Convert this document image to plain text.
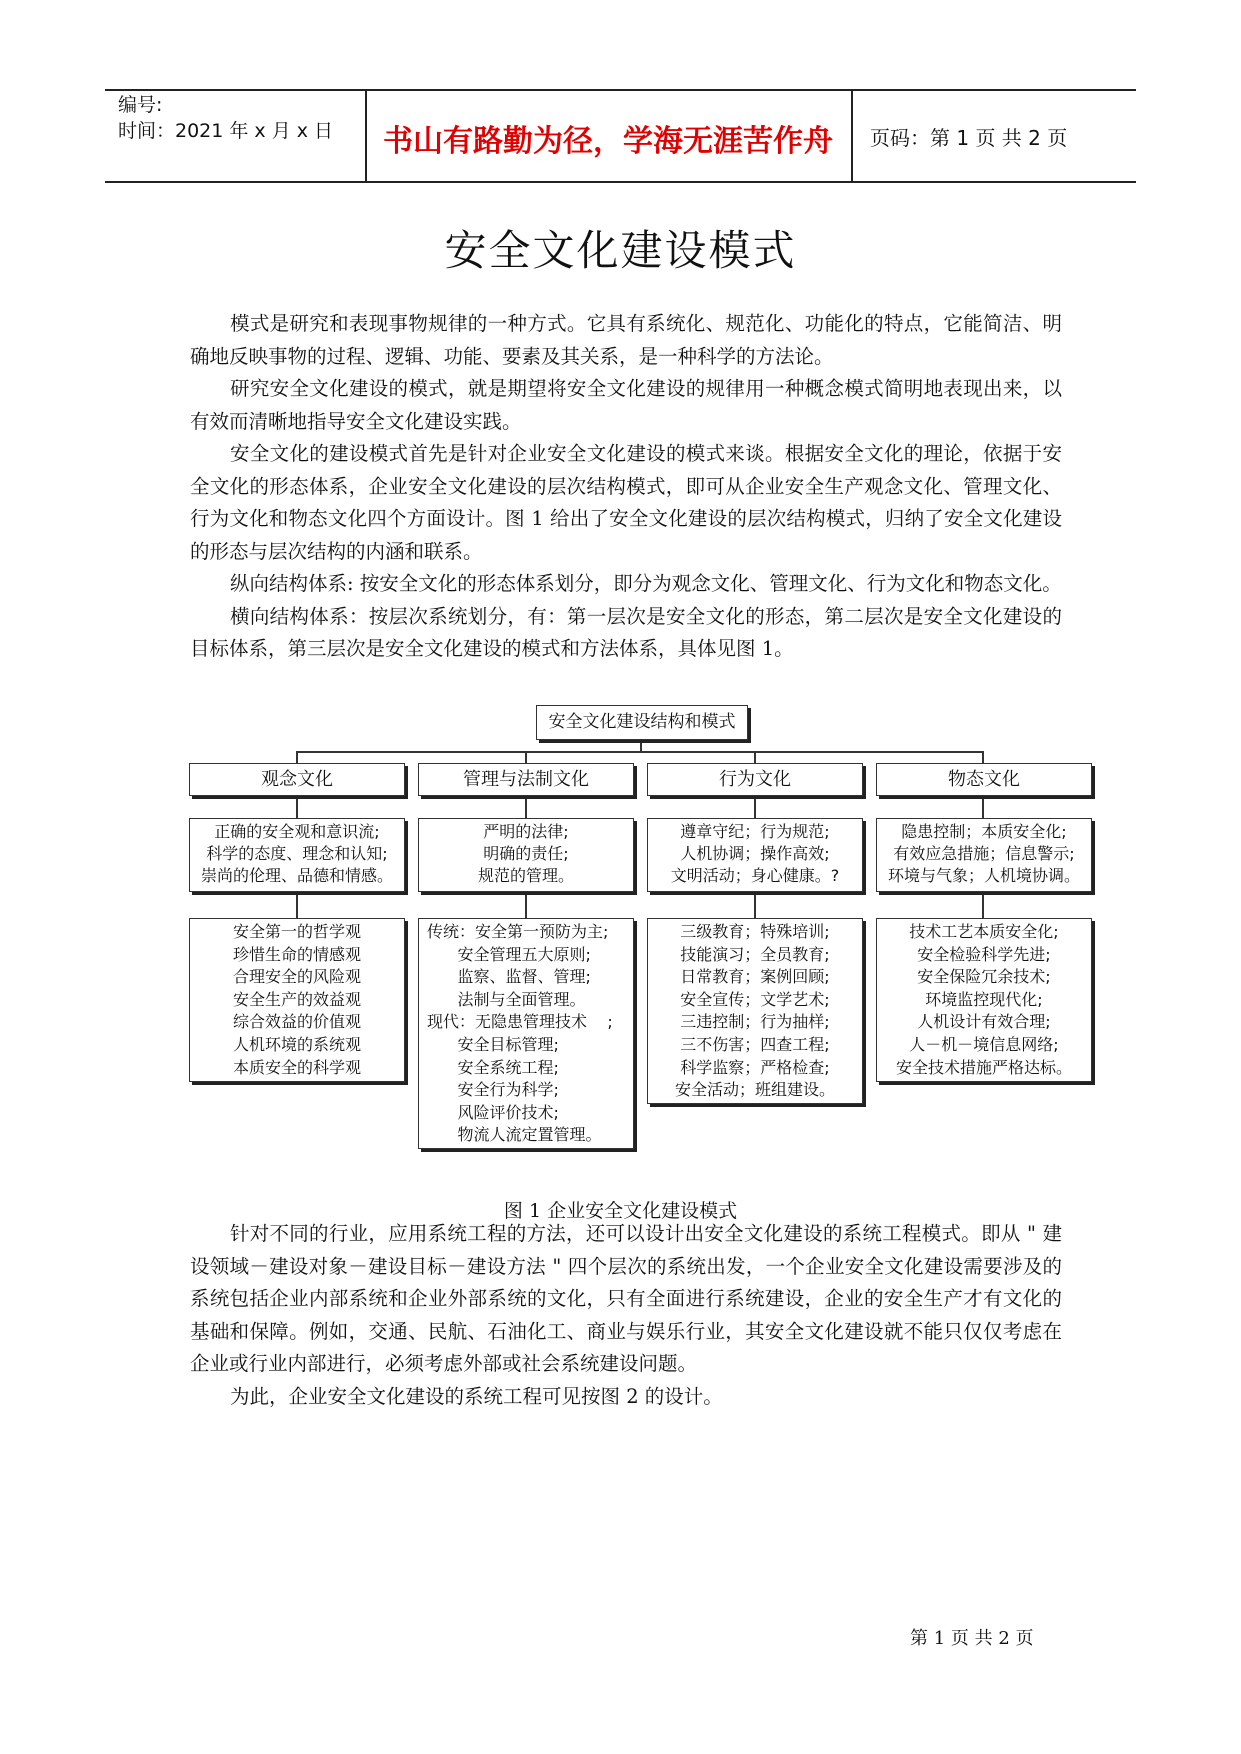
编号:
时间：2021 年 x 月 x 日	书山有路勤为径，学海无涯苦作舟	页码：第 1 页 共 2 页
安全文化建设模式

模式是研究和表现事物规律的一种方式。它具有系统化、规范化、功能化的特点，它能简洁、明确地反映事物的过程、逻辑、功能、要素及其关系，是一种科学的方法论。

研究安全文化建设的模式，就是期望将安全文化建设的规律用一种概念模式简明地表现出来，以有效而清晰地指导安全文化建设实践。

安全文化的建设模式首先是针对企业安全文化建设的模式来谈。根据安全文化的理论，依据于安全文化的形态体系，企业安全文化建设的层次结构模式，即可从企业安全生产观念文化、管理文化、行为文化和物态文化四个方面设计。图 1 给出了安全文化建设的层次结构模式，归纳了安全文化建设的形态与层次结构的内涵和联系。

纵向结构体系: 按安全文化的形态体系划分，即分为观念文化、管理文化、行为文化和物态文化。

横向结构体系：按层次系统划分，有：第一层次是安全文化的形态，第二层次是安全文化建设的目标体系，第三层次是安全文化建设的模式和方法体系，具体见图 1。

安全文化建设结构和模式
观念文化	管理与法制文化	行为文化	物态文化
正确的安全观和意识流;
科学的态度、理念和认知;
崇尚的伦理、品德和情感。
严明的法律;
明确的责任;
规范的管理。
遵章守纪；行为规范;
人机协调；操作高效;
文明活动；身心健康。?
隐患控制；本质安全化;
有效应急措施；信息警示;
环境与气象；人机境协调。
安全第一的哲学观
珍惜生命的情感观
合理安全的风险观
安全生产的效益观
综合效益的价值观
人机环境的系统观
本质安全的科学观
传统：安全第一预防为主;
安全管理五大原则;
监察、监督、管理;
法制与全面管理。
现代：无隐患管理技术    ;
安全目标管理;
安全系统工程;
安全行为科学;
风险评价技术;
物流人流定置管理。
三级教育；特殊培训;
技能演习；全员教育;
日常教育；案例回顾;
安全宣传；文学艺术;
三违控制；行为抽样;
三不伤害；四查工程;
科学监察；严格检查;
安全活动；班组建设。
技术工艺本质安全化;
安全检验科学先进;
安全保险冗余技术;
环境监控现代化;
人机设计有效合理;
人－机－境信息网络;
安全技术措施严格达标。
图 1 企业安全文化建设模式

针对不同的行业，应用系统工程的方法，还可以设计出安全文化建设的系统工程模式。即从 " 建设领域－建设对象－建设目标－建设方法 " 四个层次的系统出发，一个企业安全文化建设需要涉及的系统包括企业内部系统和企业外部系统的文化，只有全面进行系统建设，企业的安全生产才有文化的基础和保障。例如，交通、民航、石油化工、商业与娱乐行业，其安全文化建设就不能只仅仅考虑在企业或行业内部进行，必须考虑外部或社会系统建设问题。

为此，企业安全文化建设的系统工程可见按图 2 的设计。

第 1 页 共 2 页
